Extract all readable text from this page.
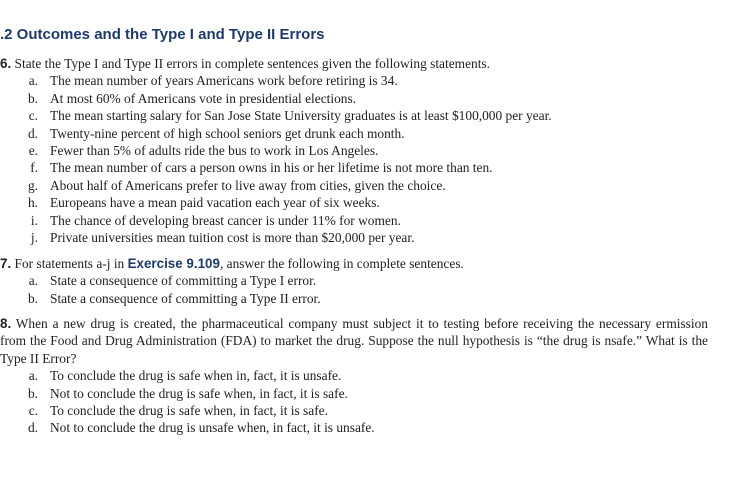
.2 Outcomes and the Type I and Type II Errors
6. State the Type I and Type II errors in complete sentences given the following statements.
a. The mean number of years Americans work before retiring is 34.
b. At most 60% of Americans vote in presidential elections.
c. The mean starting salary for San Jose State University graduates is at least $100,000 per year.
d. Twenty-nine percent of high school seniors get drunk each month.
e. Fewer than 5% of adults ride the bus to work in Los Angeles.
f. The mean number of cars a person owns in his or her lifetime is not more than ten.
g. About half of Americans prefer to live away from cities, given the choice.
h. Europeans have a mean paid vacation each year of six weeks.
i. The chance of developing breast cancer is under 11% for women.
j. Private universities mean tuition cost is more than $20,000 per year.
7. For statements a-j in Exercise 9.109, answer the following in complete sentences.
a. State a consequence of committing a Type I error.
b. State a consequence of committing a Type II error.
8. When a new drug is created, the pharmaceutical company must subject it to testing before receiving the necessary ermission from the Food and Drug Administration (FDA) to market the drug. Suppose the null hypothesis is “the drug is nsafe.” What is the Type II Error?
a. To conclude the drug is safe when in, fact, it is unsafe.
b. Not to conclude the drug is safe when, in fact, it is safe.
c. To conclude the drug is safe when, in fact, it is safe.
d. Not to conclude the drug is unsafe when, in fact, it is unsafe.
